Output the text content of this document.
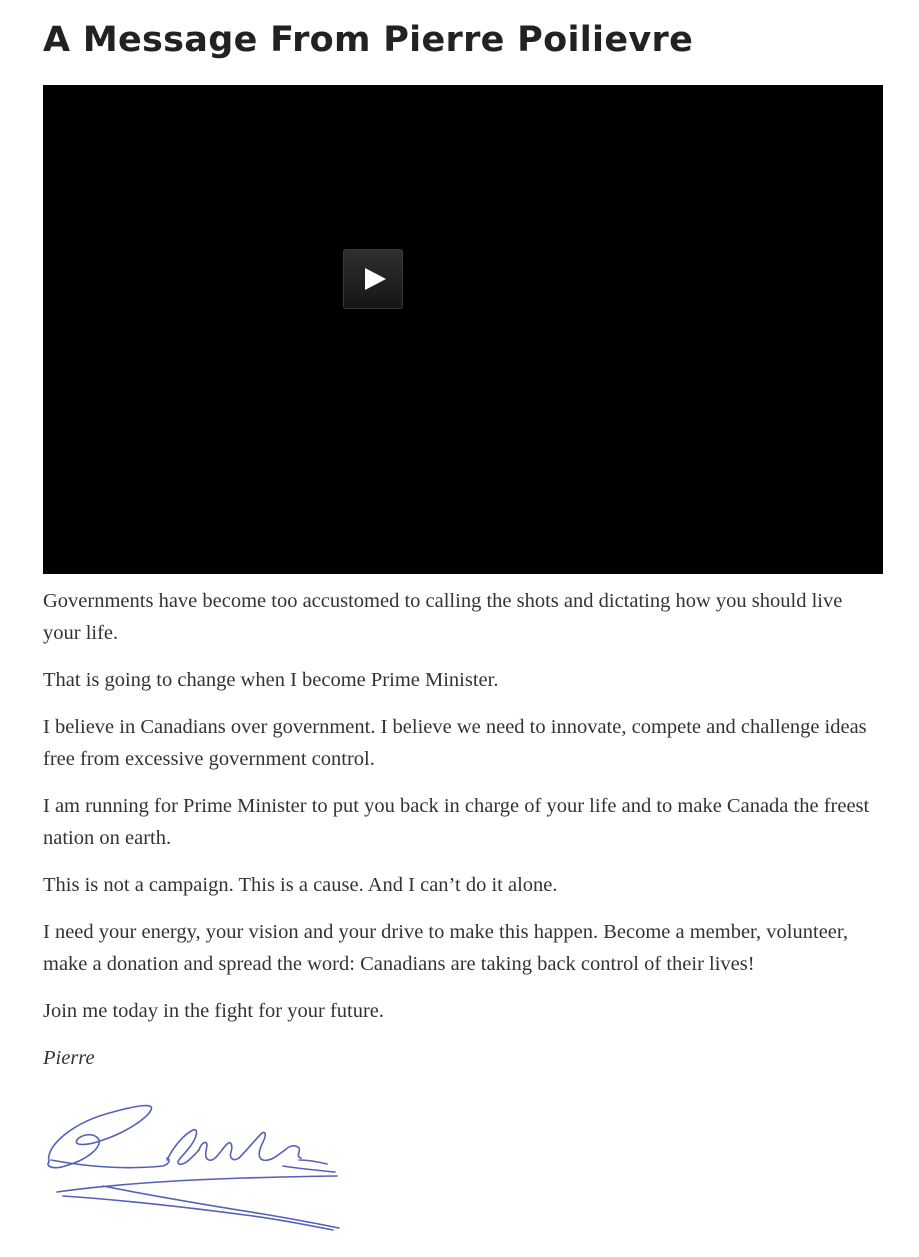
A Message From Pierre Poilievre

Governments have become too accustomed to calling the shots and dictating how you should live your life.

That is going to change when I become Prime Minister.

I believe in Canadians over government. I believe we need to innovate, compete and challenge ideas free from excessive government control.

I am running for Prime Minister to put you back in charge of your life and to make Canada the freest nation on earth.

This is not a campaign. This is a cause. And I can’t do it alone.

I need your energy, your vision and your drive to make this happen. Become a member, volunteer, make a donation and spread the word: Canadians are taking back control of their lives!

Join me today in the fight for your future.

Pierre
